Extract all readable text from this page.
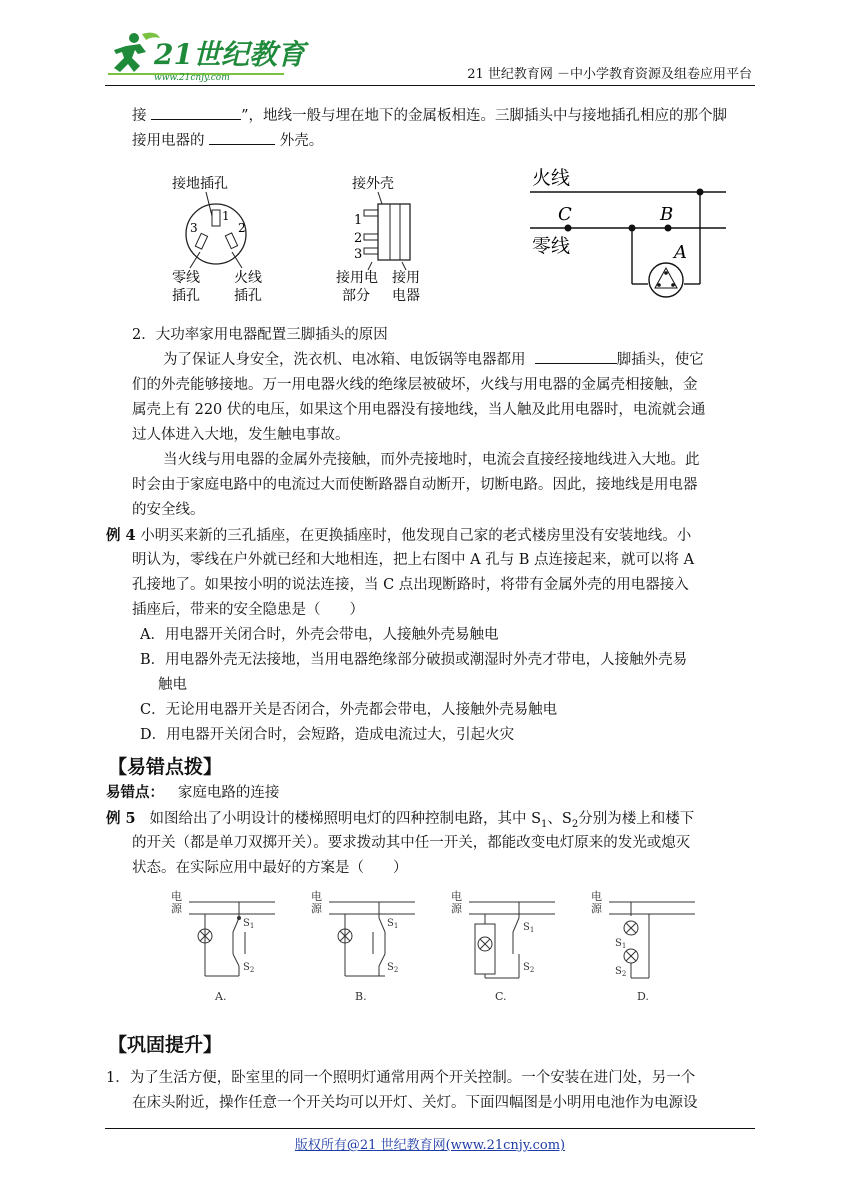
21世纪教育
www.21cnjy.com	21 世纪教育网 －中小学教育资源及组卷应用平台
接	”，地线一般与埋在地下的金属板相连。三脚插头中与接地插孔相应的那个脚
接用电器的	外壳。
接地插孔
1
2
3
零线
插孔
火线
插孔
接外壳
1
2
3
接用电
部分
接用
电器
火线
零线
C	B
A
2．大功率家用电器配置三脚插头的原因
为了保证人身安全，洗衣机、电冰箱、电饭锅等电器都用	脚插头，使它
们的外壳能够接地。万一用电器火线的绝缘层被破坏，火线与用电器的金属壳相接触，金
属壳上有 220 伏的电压，如果这个用电器没有接地线，当人触及此用电器时，电流就会通
过人体进入大地，发生触电事故。
当火线与用电器的金属外壳接触，而外壳接地时，电流会直接经接地线进入大地。此
时会由于家庭电路中的电流过大而使断路器自动断开，切断电路。因此，接地线是用电器
的安全线。
例 4 小明买来新的三孔插座，在更换插座时，他发现自己家的老式楼房里没有安装地线。小
明认为，零线在户外就已经和大地相连，把上右图中 A 孔与 B 点连接起来，就可以将 A
孔接地了。如果按小明的说法连接，当 C 点出现断路时，将带有金属外壳的用电器接入
插座后，带来的安全隐患是（　　）
A．用电器开关闭合时，外壳会带电，人接触外壳易触电
B．用电器外壳无法接地，当用电器绝缘部分破损或潮湿时外壳才带电，人接触外壳易
触电
C．无论用电器开关是否闭合，外壳都会带电，人接触外壳易触电
D．用电器开关闭合时，会短路，造成电流过大，引起火灾
【易错点拨】
易错点： 家庭电路的连接
例 5 如图给出了小明设计的楼梯照明电灯的四种控制电路，其中 $S_1$、$S_2$分别为楼上和楼下
的开关（都是单刀双掷开关）。要求拨动其中任一开关，都能改变电灯原来的发光或熄灭
状态。在实际应用中最好的方案是（　　）
电
源
$S_1$
$S_2$
A.
电
源
$S_1$
$S_2$
B.
电
源
$S_1$
$S_2$
C.
电
源
$S_1$
$S_2$
D.
【巩固提升】
1．为了生活方便，卧室里的同一个照明灯通常用两个开关控制。一个安装在进门处，另一个
在床头附近，操作任意一个开关均可以开灯、关灯。下面四幅图是小明用电池作为电源设
版权所有@21 世纪教育网(www.21cnjy.com)
